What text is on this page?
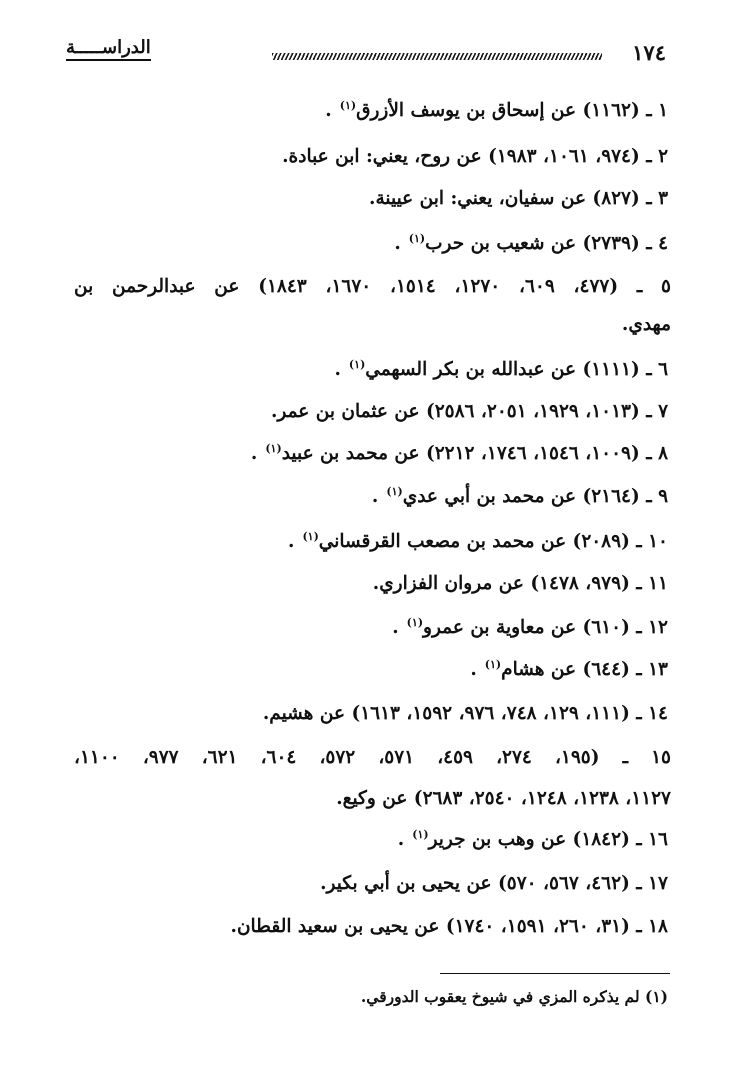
١٧٤
الدراســـــة
١ ـ (١١٦٢) عن إسحاق بن يوسف الأزرق$^{(١)}$.
٢ ـ (٩٧٤، ١٠٦١، ١٩٨٣) عن روح، يعني: ابن عبادة.
٣ ـ (٨٢٧) عن سفيان، يعني: ابن عيينة.
٤ ـ (٢٧٣٩) عن شعيب بن حرب$^{(١)}$.
٥ ـ (٤٧٧، ٦٠٩، ١٢٧٠، ١٥١٤، ١٦٧٠، ١٨٤٣) عن عبدالرحمن بن
مهدي.
٦ ـ (١١١١) عن عبدالله بن بكر السهمي$^{(١)}$.
٧ ـ (١٠١٣، ١٩٢٩، ٢٠٥١، ٢٥٨٦) عن عثمان بن عمر.
٨ ـ (١٠٠٩، ١٥٤٦، ١٧٤٦، ٢٢١٢) عن محمد بن عبيد$^{(١)}$.
٩ ـ (٢١٦٤) عن محمد بن أبي عدي$^{(١)}$.
١٠ ـ (٢٠٨٩) عن محمد بن مصعب القرقساني$^{(١)}$.
١١ ـ (٩٧٩، ١٤٧٨) عن مروان الفزاري.
١٢ ـ (٦١٠) عن معاوية بن عمرو$^{(١)}$.
١٣ ـ (٦٤٤) عن هشام$^{(١)}$.
١٤ ـ (١١١، ١٢٩، ٧٤٨، ٩٧٦، ١٥٩٢، ١٦١٣) عن هشيم.
١٥ ـ (١٩٥، ٢٧٤، ٤٥٩، ٥٧١، ٥٧٢، ٦٠٤، ٦٢١، ٩٧٧، ١١٠٠،
١١٢٧، ١٢٣٨، ١٢٤٨، ٢٥٤٠، ٢٦٨٣) عن وكيع.
١٦ ـ (١٨٤٢) عن وهب بن جرير$^{(١)}$.
١٧ ـ (٤٦٢، ٥٦٧، ٥٧٠) عن يحيى بن أبي بكير.
١٨ ـ (٣١، ٢٦٠، ١٥٩١، ١٧٤٠) عن يحيى بن سعيد القطان.
(١) لم يذكره المزي في شيوخ يعقوب الدورقي.
